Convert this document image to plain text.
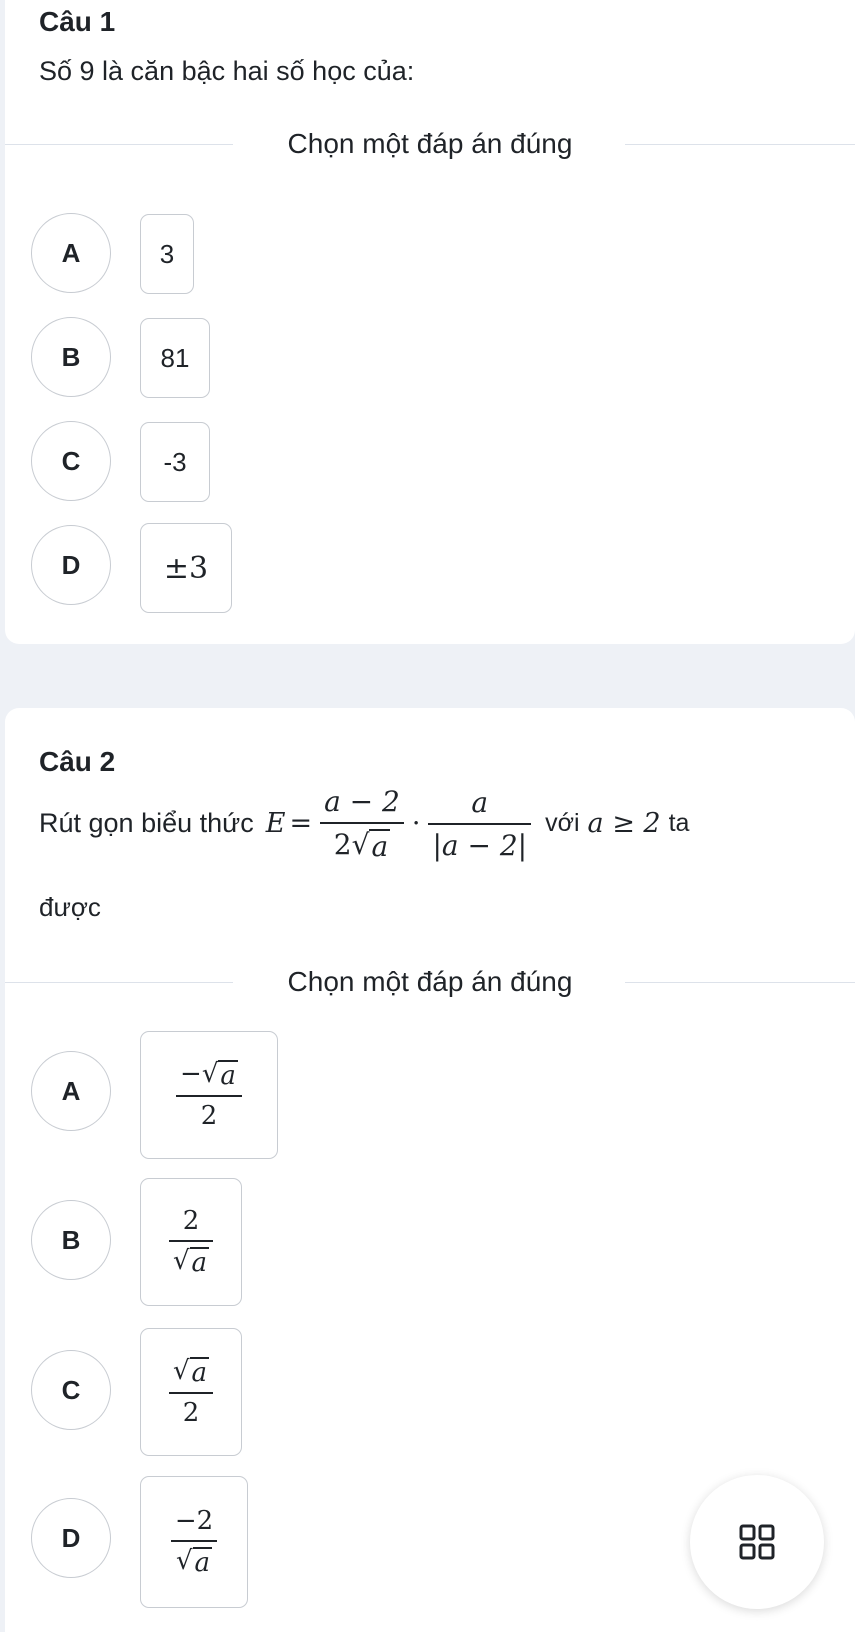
Câu 1
Số 9 là căn bậc hai số học của:
Chọn một đáp án đúng
A	3
B	81
C	-3
D	±3
Câu 2
Rút gọn biểu thức $E = \frac{a - 2}{2 √ a} \cdot \frac{a}{|a - 2|}$ với a ≥ 2 ta
được
Chọn một đáp án đúng
A	$\frac{- √ a}{2}$
B	$\frac{2}{√ a}$
C	$\frac{√ a}{2}$
D	$\frac{-2}{√ a}$
